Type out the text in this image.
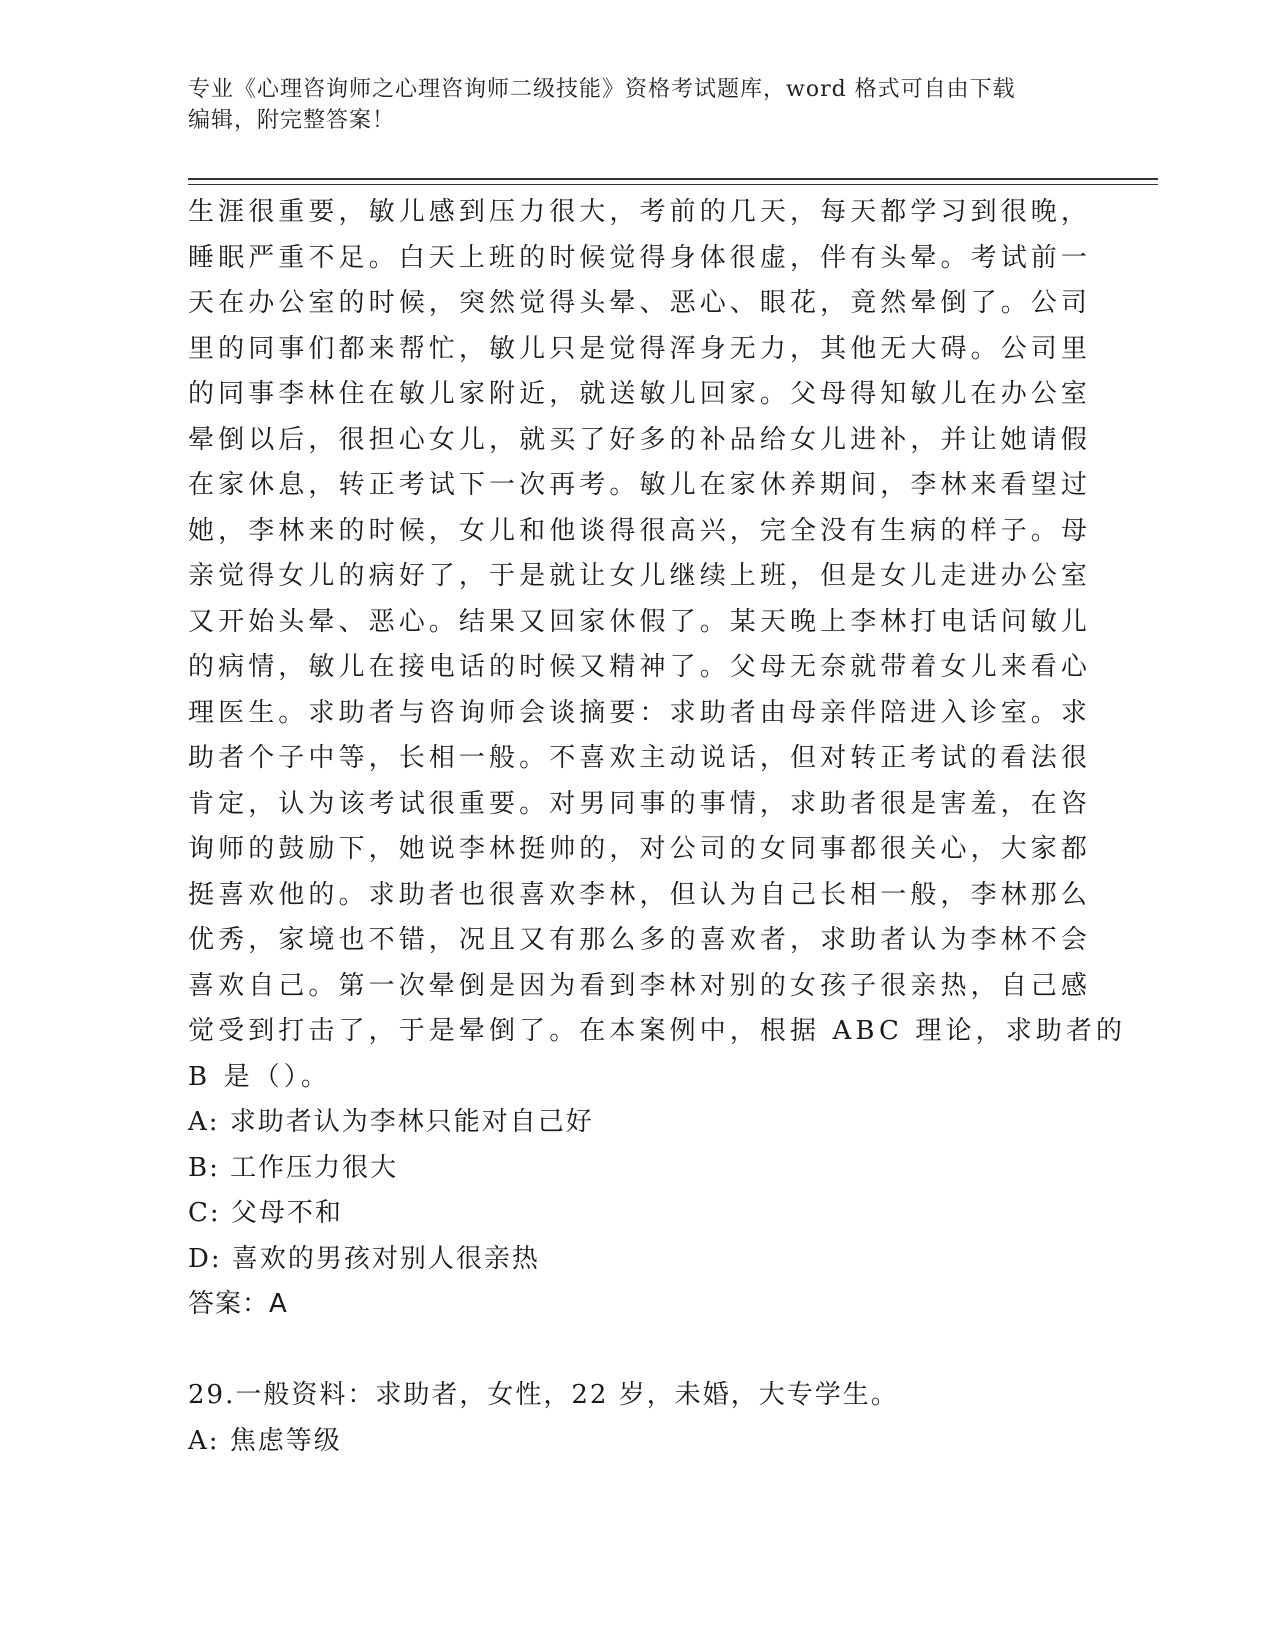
专业《心理咨询师之心理咨询师二级技能》资格考试题库，word 格式可自由下载
编辑，附完整答案！
生涯很重要，敏儿感到压力很大，考前的几天，每天都学习到很晚，
睡眠严重不足。白天上班的时候觉得身体很虚，伴有头晕。考试前一
天在办公室的时候，突然觉得头晕、恶心、眼花，竟然晕倒了。公司
里的同事们都来帮忙，敏儿只是觉得浑身无力，其他无大碍。公司里
的同事李林住在敏儿家附近，就送敏儿回家。父母得知敏儿在办公室
晕倒以后，很担心女儿，就买了好多的补品给女儿进补，并让她请假
在家休息，转正考试下一次再考。敏儿在家休养期间，李林来看望过
她，李林来的时候，女儿和他谈得很高兴，完全没有生病的样子。母
亲觉得女儿的病好了，于是就让女儿继续上班，但是女儿走进办公室
又开始头晕、恶心。结果又回家休假了。某天晚上李林打电话问敏儿
的病情，敏儿在接电话的时候又精神了。父母无奈就带着女儿来看心
理医生。求助者与咨询师会谈摘要：求助者由母亲伴陪进入诊室。求
助者个子中等，长相一般。不喜欢主动说话，但对转正考试的看法很
肯定，认为该考试很重要。对男同事的事情，求助者很是害羞，在咨
询师的鼓励下，她说李林挺帅的，对公司的女同事都很关心，大家都
挺喜欢他的。求助者也很喜欢李林，但认为自己长相一般，李林那么
优秀，家境也不错，况且又有那么多的喜欢者，求助者认为李林不会
喜欢自己。第一次晕倒是因为看到李林对别的女孩子很亲热，自己感
觉受到打击了，于是晕倒了。在本案例中，根据 ABC 理论，求助者的
B 是（）。
A: 求助者认为李林只能对自己好
B: 工作压力很大
C: 父母不和
D: 喜欢的男孩对别人很亲热
答案：A
29.一般资料：求助者，女性，22 岁，未婚，大专学生。
A: 焦虑等级
